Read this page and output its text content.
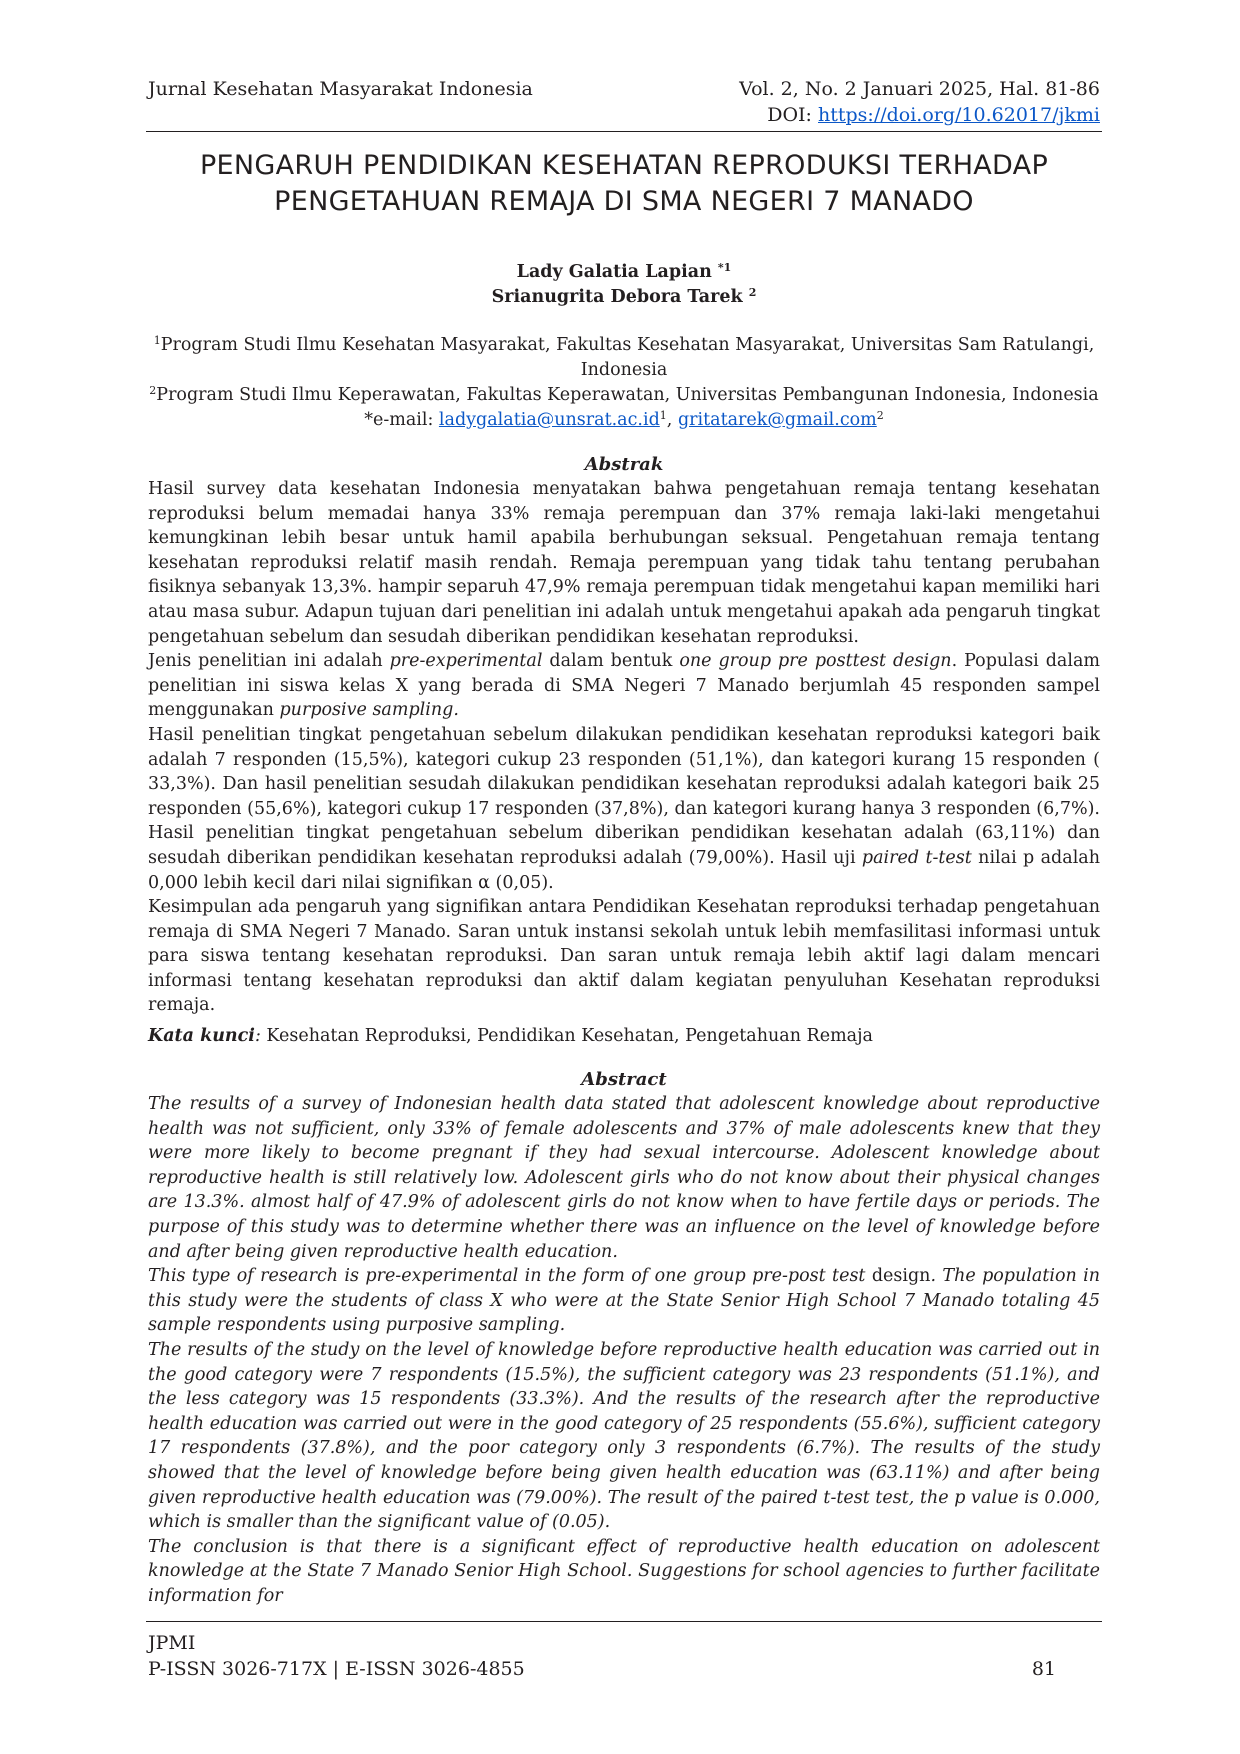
Jurnal Kesehatan Masyarakat Indonesia	Vol. 2, No. 2 Januari 2025, Hal. 81-86
DOI: https://doi.org/10.62017/jkmi
PENGARUH PENDIDIKAN KESEHATAN REPRODUKSI TERHADAP
PENGETAHUAN REMAJA DI SMA NEGERI 7 MANADO
Lady Galatia Lapian $^{*1}$
Srianugrita Debora Tarek $^2$
$^1$Program Studi Ilmu Kesehatan Masyarakat, Fakultas Kesehatan Masyarakat, Universitas Sam Ratulangi,
Indonesia
$^2$Program Studi Ilmu Keperawatan, Fakultas Keperawatan, Universitas Pembangunan Indonesia, Indonesia
*e-mail: $ladygalatia@unsrat.ac.id^1$, gritatarek@gmail.com$^2$
Abstrak

Hasil survey data kesehatan Indonesia menyatakan bahwa pengetahuan remaja tentang kesehatan reproduksi belum memadai hanya 33% remaja perempuan dan 37% remaja laki-laki mengetahui kemungkinan lebih besar untuk hamil apabila berhubungan seksual. Pengetahuan remaja tentang kesehatan reproduksi relatif masih rendah. Remaja perempuan yang tidak tahu tentang perubahan fisiknya sebanyak 13,3%. hampir separuh 47,9% remaja perempuan tidak mengetahui kapan memiliki hari atau masa subur. Adapun tujuan dari penelitian ini adalah untuk mengetahui apakah ada pengaruh tingkat pengetahuan sebelum dan sesudah diberikan pendidikan kesehatan reproduksi.

Jenis penelitian ini adalah pre-experimental dalam bentuk one group pre posttest design. Populasi dalam penelitian ini siswa kelas X yang berada di SMA Negeri 7 Manado berjumlah 45 responden sampel menggunakan purposive sampling.

Hasil penelitian tingkat pengetahuan sebelum dilakukan pendidikan kesehatan reproduksi kategori baik adalah 7 responden (15,5%), kategori cukup 23 responden (51,1%), dan kategori kurang 15 responden ( 33,3%). Dan hasil penelitian sesudah dilakukan pendidikan kesehatan reproduksi adalah kategori baik 25 responden (55,6%), kategori cukup 17 responden (37,8%), dan kategori kurang hanya 3 responden (6,7%). Hasil penelitian tingkat pengetahuan sebelum diberikan pendidikan kesehatan adalah (63,11%) dan sesudah diberikan pendidikan kesehatan reproduksi adalah (79,00%). Hasil uji paired t-test nilai p adalah 0,000 lebih kecil dari nilai signifikan α (0,05).

Kesimpulan ada pengaruh yang signifikan antara Pendidikan Kesehatan reproduksi terhadap pengetahuan remaja di SMA Negeri 7 Manado. Saran untuk instansi sekolah untuk lebih memfasilitasi informasi untuk para siswa tentang kesehatan reproduksi. Dan saran untuk remaja lebih aktif lagi dalam mencari informasi tentang kesehatan reproduksi dan aktif dalam kegiatan penyuluhan Kesehatan reproduksi remaja.

Kata kunci: Kesehatan Reproduksi, Pendidikan Kesehatan, Pengetahuan Remaja
Abstract

The results of a survey of Indonesian health data stated that adolescent knowledge about reproductive health was not sufficient, only 33% of female adolescents and 37% of male adolescents knew that they were more likely to become pregnant if they had sexual intercourse. Adolescent knowledge about reproductive health is still relatively low. Adolescent girls who do not know about their physical changes are 13.3%. almost half of 47.9% of adolescent girls do not know when to have fertile days or periods. The purpose of this study was to determine whether there was an influence on the level of knowledge before and after being given reproductive health education.

This type of research is pre-experimental in the form of one group pre-post test design. The population in this study were the students of class X who were at the State Senior High School 7 Manado totaling 45 sample respondents using purposive sampling.

The results of the study on the level of knowledge before reproductive health education was carried out in the good category were 7 respondents (15.5%), the sufficient category was 23 respondents (51.1%), and the less category was 15 respondents (33.3%). And the results of the research after the reproductive health education was carried out were in the good category of 25 respondents (55.6%), sufficient category 17 respondents (37.8%), and the poor category only 3 respondents (6.7%). The results of the study showed that the level of knowledge before being given health education was (63.11%) and after being given reproductive health education was (79.00%). The result of the paired t-test test, the p value is 0.000, which is smaller than the significant value of (0.05).

The conclusion is that there is a significant effect of reproductive health education on adolescent knowledge at the State 7 Manado Senior High School. Suggestions for school agencies to further facilitate information for

JPMI
P-ISSN 3026-717X | E-ISSN 3026-4855	81
